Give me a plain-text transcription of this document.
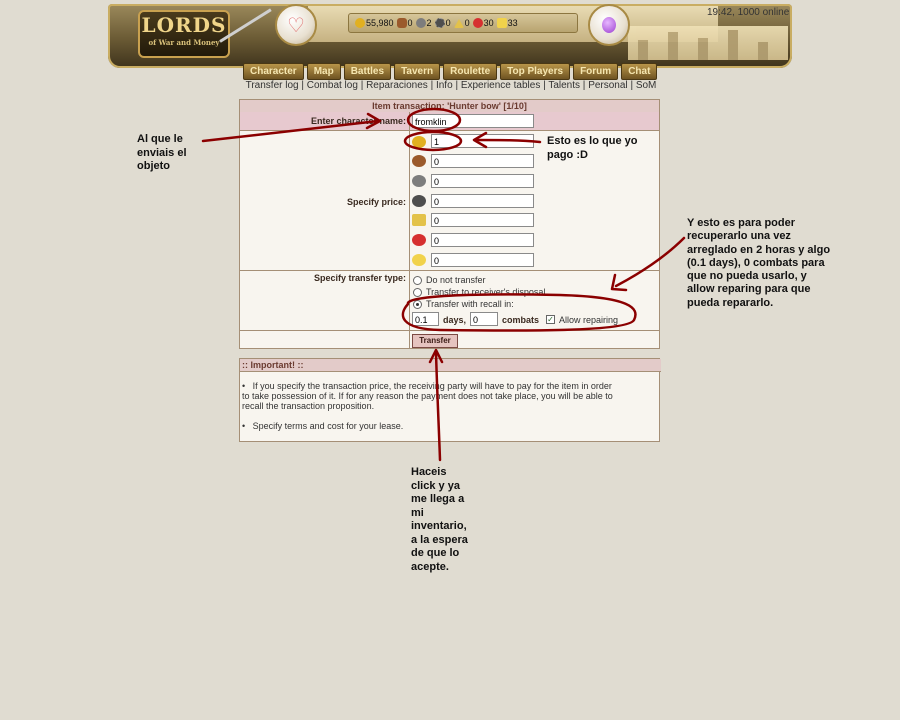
LORDS
of War and Money
♡	55,980 0 2 0 0 30 33
19:42, 1000 online
Character	Map	Battles	Tavern	Roulette	Top Players	Forum	Chat
Transfer log | Combat log | Reparaciones | Info | Experience tables | Talents | Personal | SoM
Item transaction: 'Hunter bow' [1/10]
Enter character name:	fromklin
Specify price:
1
0
0
0
0
0
0
Specify transfer type: Do not transfer
Transfer to receiver's disposal
Transfer with recall in:
0.1	days, 0	combats ✓ Allow repairing
Transfer
:: Important! ::
•   If you specify the transaction price, the receiving party will have to pay for the item in order
to take possession of it. If for any reason the payment does not take place, you will be able to
recall the transaction proposition.
•   Specify terms and cost for your lease.
Al que le
enviais el
objeto
Esto es lo que yo
pago :D
Y esto es para poder
recuperarlo una vez
arreglado en 2 horas y algo
(0.1 days), 0 combats para
que no pueda usarlo, y
allow reparing para que
pueda repararlo.
Haceis
click y ya
me llega a
mi
inventario,
a la espera
de que lo
acepte.
